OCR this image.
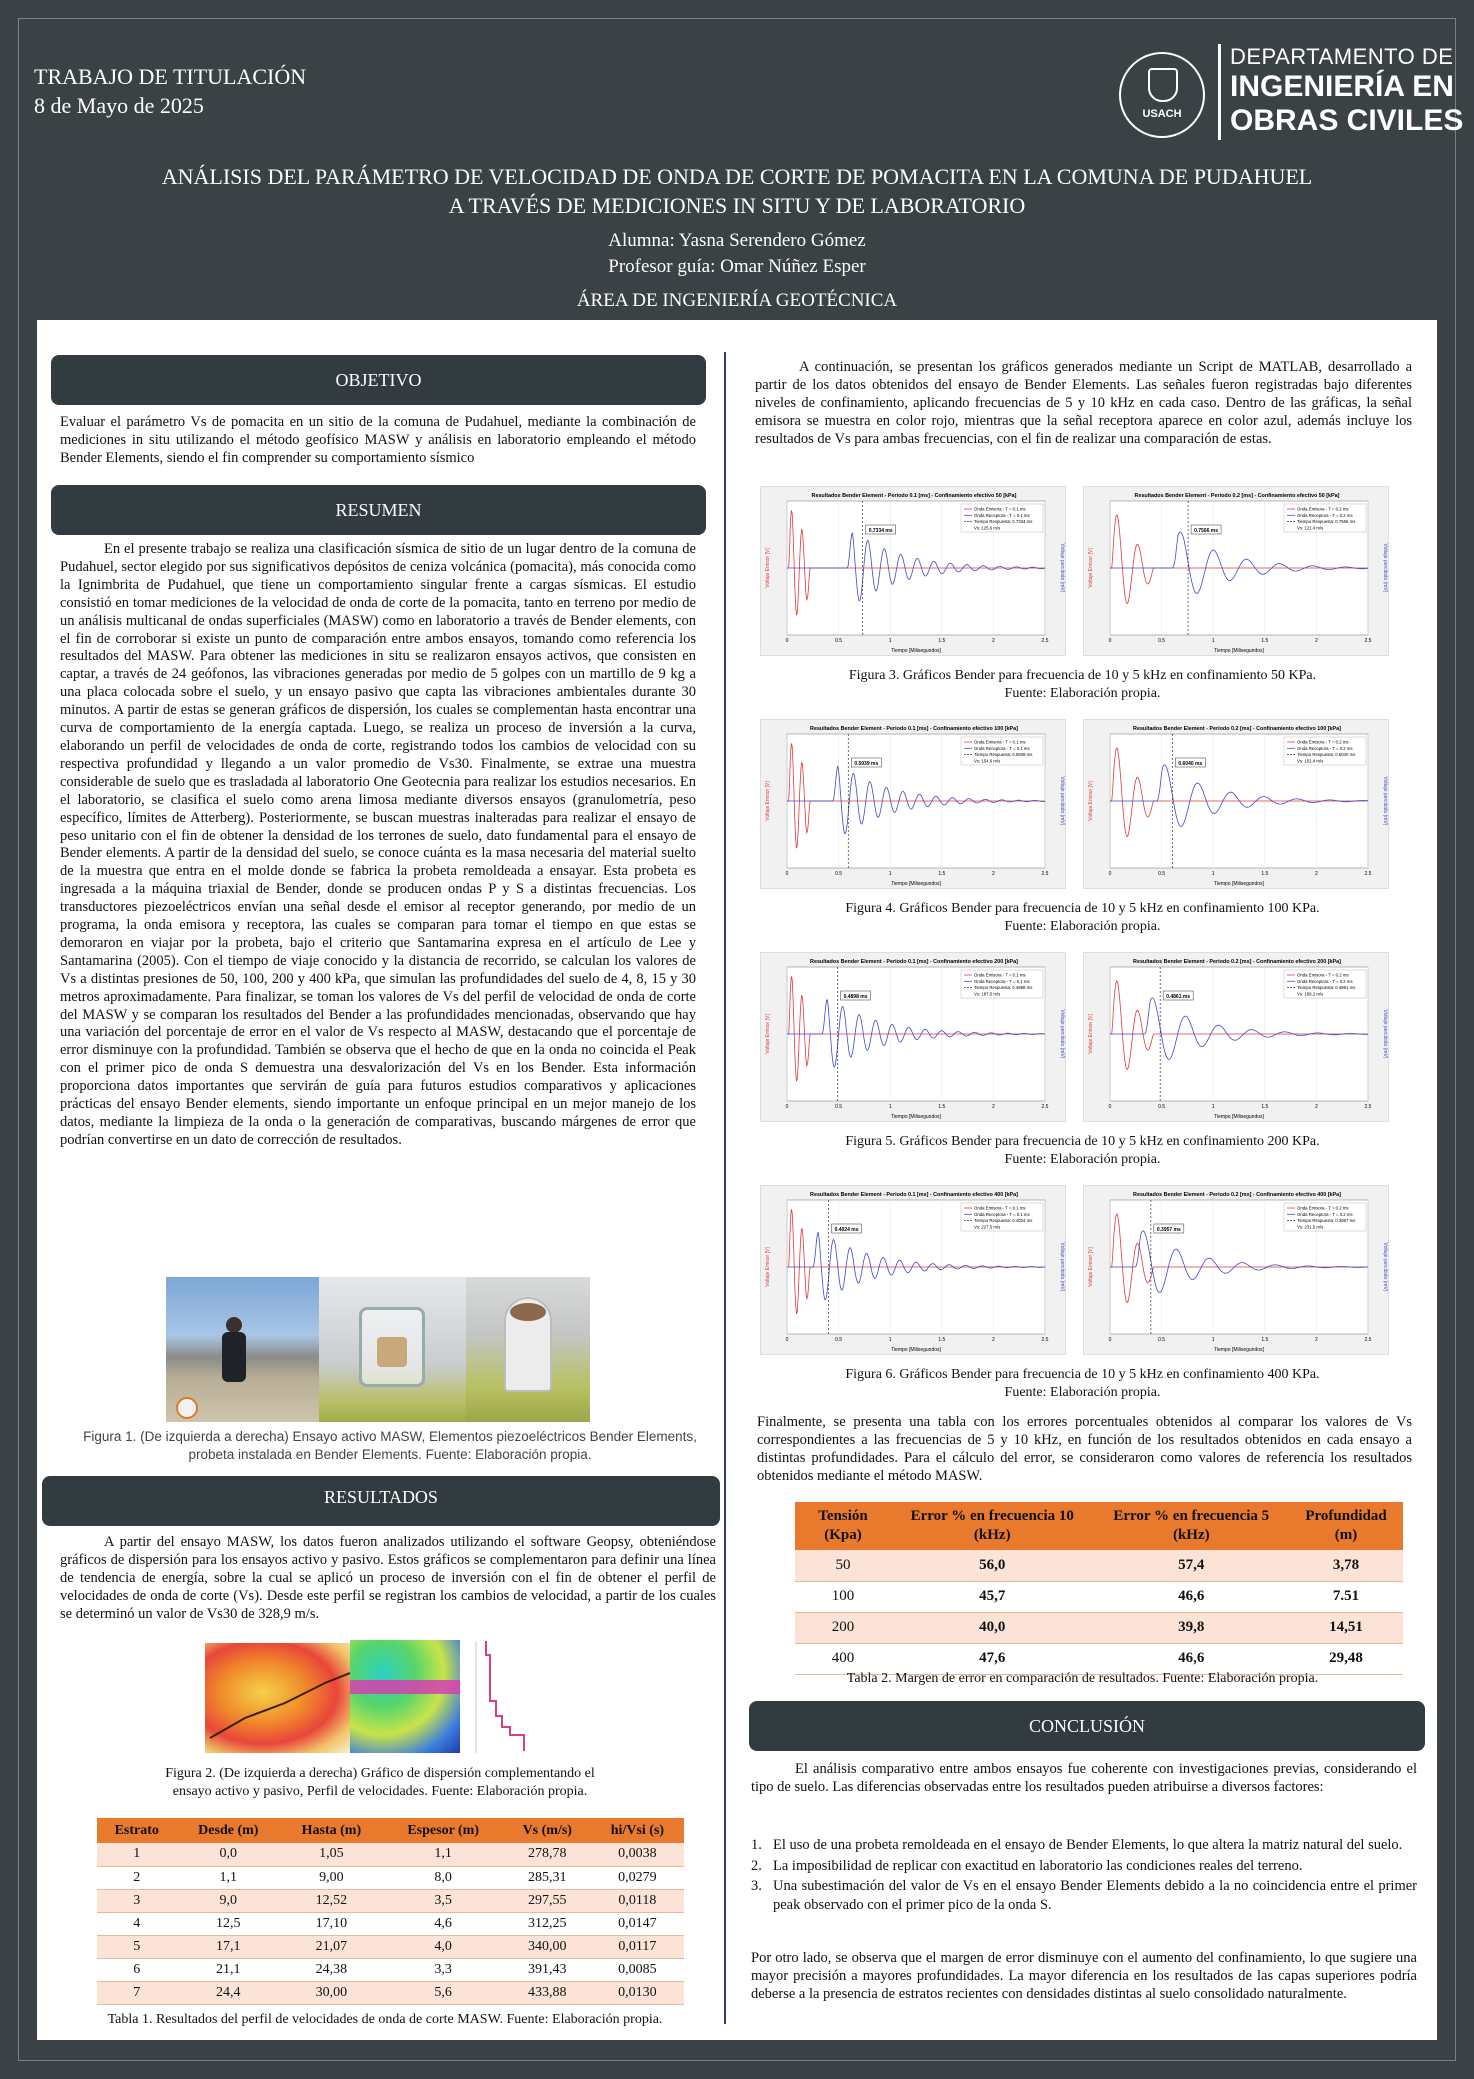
TRABAJO DE TITULACIÓN
8 de Mayo de 2025	USACH
DEPARTAMENTO DE
INGENIERÍA EN
OBRAS CIVILES
ANÁLISIS DEL PARÁMETRO DE VELOCIDAD DE ONDA DE CORTE DE POMACITA EN LA COMUNA DE PUDAHUEL
A TRAVÉS DE MEDICIONES IN SITU Y DE LABORATORIO
Alumna: Yasna Serendero Gómez
Profesor guía: Omar Núñez Esper
ÁREA DE INGENIERÍA GEOTÉCNICA
OBJETIVO
Evaluar el parámetro Vs de pomacita en un sitio de la comuna de Pudahuel, mediante la combinación de mediciones in situ utilizando el método geofísico MASW y análisis en laboratorio empleando el método Bender Elements, siendo el fin comprender su comportamiento sísmico
RESUMEN
En el presente trabajo se realiza una clasificación sísmica de sitio de un lugar dentro de la comuna de Pudahuel, sector elegido por sus significativos depósitos de ceniza volcánica (pomacita), más conocida como la Ignimbrita de Pudahuel, que tiene un comportamiento singular frente a cargas sísmicas. El estudio consistió en tomar mediciones de la velocidad de onda de corte de la pomacita, tanto en terreno por medio de un análisis multicanal de ondas superficiales (MASW) como en laboratorio a través de Bender elements, con el fin de corroborar si existe un punto de comparación entre ambos ensayos, tomando como referencia los resultados del MASW. Para obtener las mediciones in situ se realizaron ensayos activos, que consisten en captar, a través de 24 geófonos, las vibraciones generadas por medio de 5 golpes con un martillo de 9 kg a una placa colocada sobre el suelo, y un ensayo pasivo que capta las vibraciones ambientales durante 30 minutos. A partir de estas se generan gráficos de dispersión, los cuales se complementan hasta encontrar una curva de comportamiento de la energía captada. Luego, se realiza un proceso de inversión a la curva, elaborando un perfil de velocidades de onda de corte, registrando todos los cambios de velocidad con su respectiva profundidad y llegando a un valor promedio de Vs30. Finalmente, se extrae una muestra considerable de suelo que es trasladada al laboratorio One Geotecnia para realizar los estudios necesarios. En el laboratorio, se clasifica el suelo como arena limosa mediante diversos ensayos (granulometría, peso específico, límites de Atterberg). Posteriormente, se buscan muestras inalteradas para realizar el ensayo de peso unitario con el fin de obtener la densidad de los terrones de suelo, dato fundamental para el ensayo de Bender elements. A partir de la densidad del suelo, se conoce cuánta es la masa necesaria del material suelto de la muestra que entra en el molde donde se fabrica la probeta remoldeada a ensayar. Esta probeta es ingresada a la máquina triaxial de Bender, donde se producen ondas P y S a distintas frecuencias. Los transductores piezoeléctricos envían una señal desde el emisor al receptor generando, por medio de un programa, la onda emisora y receptora, las cuales se comparan para tomar el tiempo en que estas se demoraron en viajar por la probeta, bajo el criterio que Santamarina expresa en el artículo de Lee y Santamarina (2005). Con el tiempo de viaje conocido y la distancia de recorrido, se calculan los valores de Vs a distintas presiones de 50, 100, 200 y 400 kPa, que simulan las profundidades del suelo de 4, 8, 15 y 30 metros aproximadamente. Para finalizar, se toman los valores de Vs del perfil de velocidad de onda de corte del MASW y se comparan los resultados del Bender a las profundidades mencionadas, observando que hay una variación del porcentaje de error en el valor de Vs respecto al MASW, destacando que el porcentaje de error disminuye con la profundidad. También se observa que el hecho de que en la onda no coincida el Peak con el primer pico de onda S demuestra una desvalorización del Vs en los Bender. Esta información proporciona datos importantes que servirán de guía para futuros estudios comparativos y aplicaciones prácticas del ensayo Bender elements, siendo importante un enfoque principal en un mejor manejo de los datos, mediante la limpieza de la onda o la generación de comparativas, buscando márgenes de error que podrían convertirse en un dato de corrección de resultados.
Figura 1. (De izquierda a derecha) Ensayo activo MASW, Elementos piezoeléctricos Bender Elements, probeta instalada en Bender Elements. Fuente: Elaboración propia.
RESULTADOS
A partir del ensayo MASW, los datos fueron analizados utilizando el software Geopsy, obteniéndose gráficos de dispersión para los ensayos activo y pasivo. Estos gráficos se complementaron para definir una línea de tendencia de energía, sobre la cual se aplicó un proceso de inversión con el fin de obtener el perfil de velocidades de onda de corte (Vs). Desde este perfil se registran los cambios de velocidad, a partir de los cuales se determinó un valor de Vs30 de 328,9 m/s.
Figura 2. (De izquierda a derecha) Gráfico de dispersión complementando el
ensayo activo y pasivo, Perfil de velocidades. Fuente: Elaboración propia.
Estrato	Desde (m)	Hasta (m)	Espesor (m)	Vs (m/s)	hi/Vsi (s)
1	0,0	1,05	1,1	278,78	0,0038
2	1,1	9,00	8,0	285,31	0,0279
3	9,0	12,52	3,5	297,55	0,0118
4	12,5	17,10	4,6	312,25	0,0147
5	17,1	21,07	4,0	340,00	0,0117
6	21,1	24,38	3,3	391,43	0,0085
7	24,4	30,00	5,6	433,88	0,0130
Tabla 1. Resultados del perfil de velocidades de onda de corte MASW. Fuente: Elaboración propia.
A continuación, se presentan los gráficos generados mediante un Script de MATLAB, desarrollado a partir de los datos obtenidos del ensayo de Bender Elements. Las señales fueron registradas bajo diferentes niveles de confinamiento, aplicando frecuencias de 5 y 10 kHz en cada caso. Dentro de las gráficas, la señal emisora se muestra en color rojo, mientras que la señal receptora aparece en color azul, además incluye los resultados de Vs para ambas frecuencias, con el fin de realizar una comparación de estas.
Resultados Bender Element - Periodo 0.1 [ms] - Confinamiento efectivo 50 [kPa]
0	0.5	1	1.5	2	2.5
Tiempo [Milisegundos]
Voltaje Emisor [V]	Voltaje percibido (mV)
0.7334 ms
Onda Emisora - T = 0.1 ms
Onda Receptora - T = 0.1 ms
Tiempo Respuesta: 0.7334 ms
Vs: 125.6 m/s
Resultados Bender Element - Periodo 0.2 [ms] - Confinamiento efectivo 50 [kPa]
0	0.5	1	1.5	2	2.5
Tiempo [Milisegundos]
Voltaje Emisor [V]	Voltaje percibido (mV)
0.7566 ms
Onda Emisora - T = 0.2 ms
Onda Receptora - T = 0.2 ms
Tiempo Respuesta: 0.7566 ms
Vs: 121.4 m/s
Resultados Bender Element - Periodo 0.1 [ms] - Confinamiento efectivo 100 [kPa]
0	0.5	1	1.5	2	2.5
Tiempo [Milisegundos]
Voltaje Emisor [V]	Voltaje percibido (mV)
0.5939 ms
Onda Emisora - T = 0.1 ms
Onda Receptora - T = 0.1 ms
Tiempo Respuesta: 0.5939 ms
Vs: 154.6 m/s
Resultados Bender Element - Periodo 0.2 [ms] - Confinamiento efectivo 100 [kPa]
0	0.5	1	1.5	2	2.5
Tiempo [Milisegundos]
Voltaje Emisor [V]	Voltaje percibido (mV)
0.6040 ms
Onda Emisora - T = 0.2 ms
Onda Receptora - T = 0.2 ms
Tiempo Respuesta: 0.6040 ms
Vs: 152.4 m/s
Resultados Bender Element - Periodo 0.1 [ms] - Confinamiento efectivo 200 [kPa]
0	0.5	1	1.5	2	2.5
Tiempo [Milisegundos]
Voltaje Emisor [V]	Voltaje percibido (mV)
0.4898 ms
Onda Emisora - T = 0.1 ms
Onda Receptora - T = 0.1 ms
Tiempo Respuesta: 0.4898 ms
Vs: 187.5 m/s
Resultados Bender Element - Periodo 0.2 [ms] - Confinamiento efectivo 200 [kPa]
0	0.5	1	1.5	2	2.5
Tiempo [Milisegundos]
Voltaje Emisor [V]	Voltaje percibido (mV)
0.4861 ms
Onda Emisora - T = 0.2 ms
Onda Receptora - T = 0.2 ms
Tiempo Respuesta: 0.4861 ms
Vs: 189.2 m/s
Resultados Bender Element - Periodo 0.1 [ms] - Confinamiento efectivo 400 [kPa]
0	0.5	1	1.5	2	2.5
Tiempo [Milisegundos]
Voltaje Emisor [V]	Voltaje percibido (mV)
0.4024 ms
Onda Emisora - T = 0.1 ms
Onda Receptora - T = 0.1 ms
Tiempo Respuesta: 0.4024 ms
Vs: 227.5 m/s
Resultados Bender Element - Periodo 0.2 [ms] - Confinamiento efectivo 400 [kPa]
0	0.5	1	1.5	2	2.5
Tiempo [Milisegundos]
Voltaje Emisor [V]	Voltaje percibido (mV)
0.3957 ms
Onda Emisora - T = 0.2 ms
Onda Receptora - T = 0.2 ms
Tiempo Respuesta: 0.3957 ms
Vs: 231.5 m/s
Figura 3. Gráficos Bender para frecuencia de 10 y 5 kHz en confinamiento 50 KPa.
Fuente: Elaboración propia.
Figura 4. Gráficos Bender para frecuencia de 10 y 5 kHz en confinamiento 100 KPa.
Fuente: Elaboración propia.
Figura 5. Gráficos Bender para frecuencia de 10 y 5 kHz en confinamiento 200 KPa.
Fuente: Elaboración propia.
Figura 6. Gráficos Bender para frecuencia de 10 y 5 kHz en confinamiento 400 KPa.
Fuente: Elaboración propia.
Finalmente, se presenta una tabla con los errores porcentuales obtenidos al comparar los valores de Vs correspondientes a las frecuencias de 5 y 10 kHz, en función de los resultados obtenidos en cada ensayo a distintas profundidades. Para el cálculo del error, se consideraron como valores de referencia los resultados obtenidos mediante el método MASW.
Tensión (Kpa)	Error % en frecuencia 10 (kHz)	Error % en frecuencia 5 (kHz)	Profundidad (m)
50	56,0	57,4	3,78
100	45,7	46,6	7.51
200	40,0	39,8	14,51
400	47,6	46,6	29,48
Tabla 2. Margen de error en comparación de resultados. Fuente: Elaboración propia.
CONCLUSIÓN
El análisis comparativo entre ambos ensayos fue coherente con investigaciones previas, considerando el tipo de suelo. Las diferencias observadas entre los resultados pueden atribuirse a diversos factores:
1. El uso de una probeta remoldeada en el ensayo de Bender Elements, lo que altera la matriz natural del suelo.
2. La imposibilidad de replicar con exactitud en laboratorio las condiciones reales del terreno.
3. Una subestimación del valor de Vs en el ensayo Bender Elements debido a la no coincidencia entre el primer peak observado con el primer pico de la onda S.
Por otro lado, se observa que el margen de error disminuye con el aumento del confinamiento, lo que sugiere una mayor precisión a mayores profundidades. La mayor diferencia en los resultados de las capas superiores podría deberse a la presencia de estratos recientes con densidades distintas al suelo consolidado naturalmente.
